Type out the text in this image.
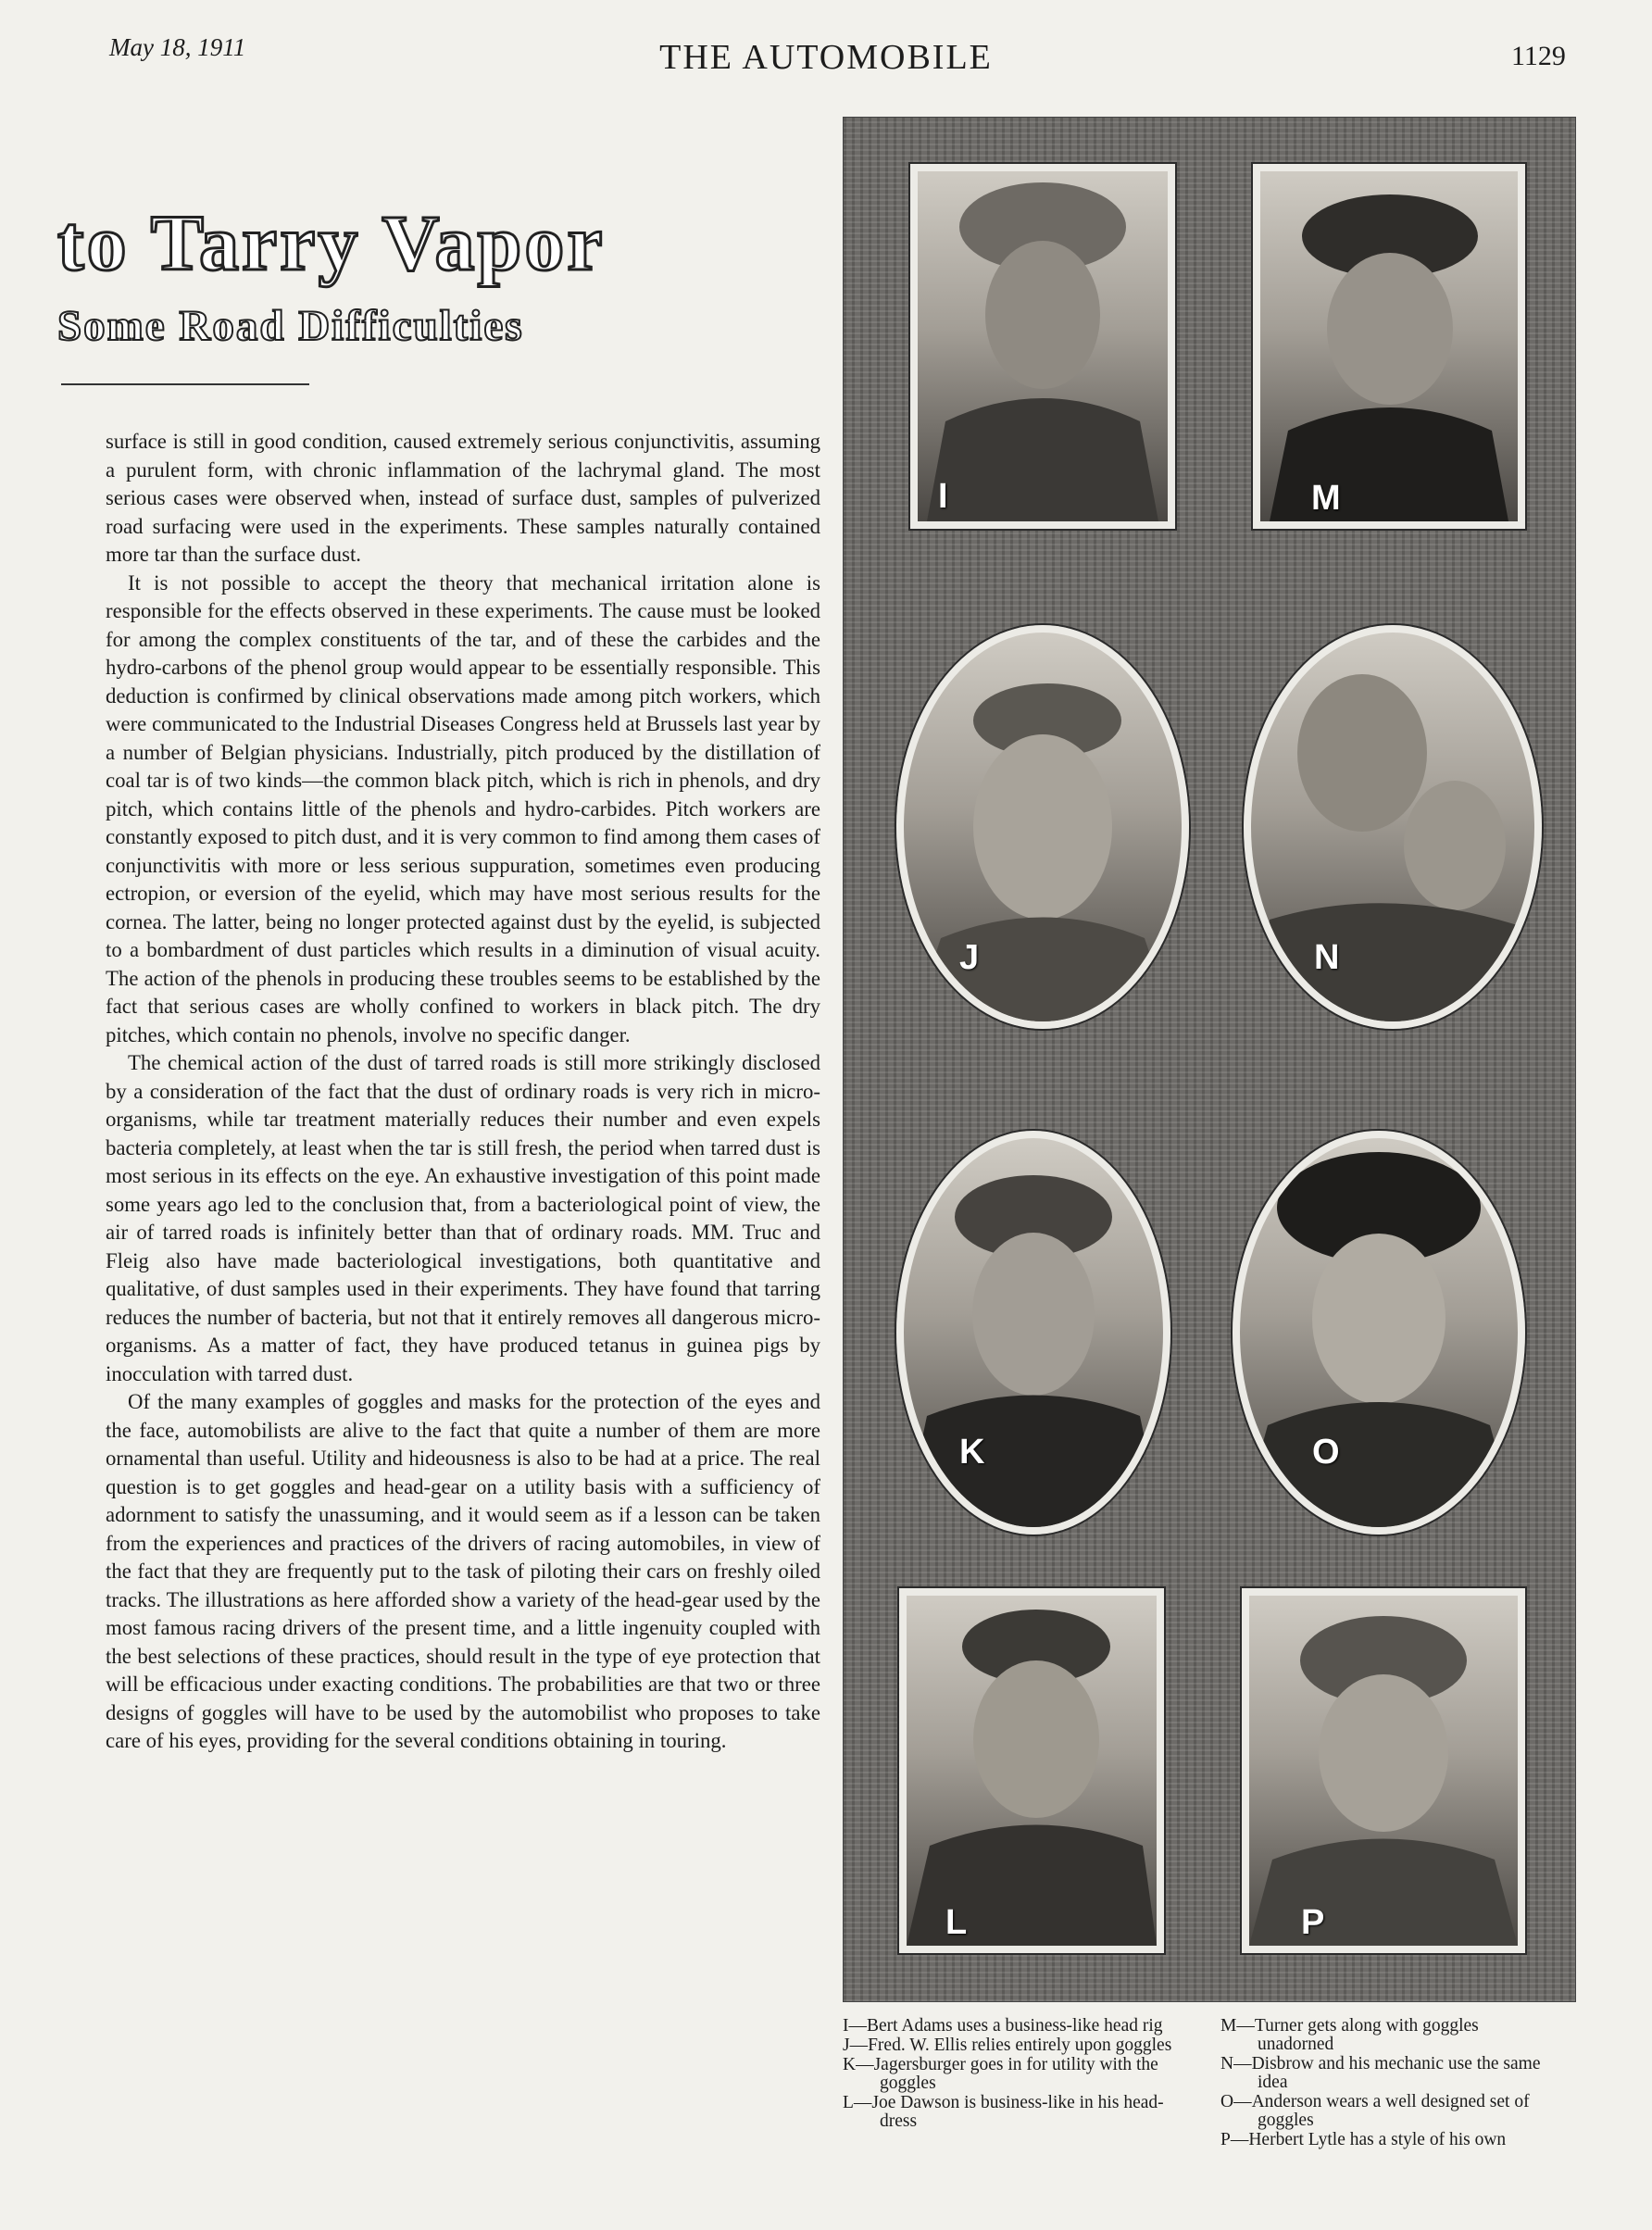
May 18, 1911	THE AUTOMOBILE	1129
to Tarry Vapor
Some Road Difficulties

surface is still in good condition, caused extremely serious conjunctivitis, assuming a purulent form, with chronic inflammation of the lachrymal gland. The most serious cases were observed when, instead of surface dust, samples of pulverized road surfacing were used in the experiments. These samples naturally contained more tar than the surface dust.

It is not possible to accept the theory that mechanical irritation alone is responsible for the effects observed in these experiments. The cause must be looked for among the complex constituents of the tar, and of these the carbides and the hydro-carbons of the phenol group would appear to be essentially responsible. This deduction is confirmed by clinical observations made among pitch workers, which were communicated to the Industrial Diseases Congress held at Brussels last year by a number of Belgian physicians. Industrially, pitch produced by the distillation of coal tar is of two kinds—the common black pitch, which is rich in phenols, and dry pitch, which contains little of the phenols and hydro-carbides. Pitch workers are constantly exposed to pitch dust, and it is very common to find among them cases of conjunctivitis with more or less serious suppuration, sometimes even producing ectropion, or eversion of the eyelid, which may have most serious results for the cornea. The latter, being no longer protected against dust by the eyelid, is subjected to a bombardment of dust particles which results in a diminution of visual acuity. The action of the phenols in producing these troubles seems to be established by the fact that serious cases are wholly confined to workers in black pitch. The dry pitches, which contain no phenols, involve no specific danger.

The chemical action of the dust of tarred roads is still more strikingly disclosed by a consideration of the fact that the dust of ordinary roads is very rich in micro-organisms, while tar treatment materially reduces their number and even expels bacteria completely, at least when the tar is still fresh, the period when tarred dust is most serious in its effects on the eye. An exhaustive investigation of this point made some years ago led to the conclusion that, from a bacteriological point of view, the air of tarred roads is infinitely better than that of ordinary roads. MM. Truc and Fleig also have made bacteriological investigations, both quantitative and qualitative, of dust samples used in their experiments. They have found that tarring reduces the number of bacteria, but not that it entirely removes all dangerous micro-organisms. As a matter of fact, they have produced tetanus in guinea pigs by inocculation with tarred dust.

Of the many examples of goggles and masks for the protection of the eyes and the face, automobilists are alive to the fact that quite a number of them are more ornamental than useful. Utility and hideousness is also to be had at a price. The real question is to get goggles and head-gear on a utility basis with a sufficiency of adornment to satisfy the unassuming, and it would seem as if a lesson can be taken from the experiences and practices of the drivers of racing automobiles, in view of the fact that they are frequently put to the task of piloting their cars on freshly oiled tracks. The illustrations as here afforded show a variety of the head-gear used by the most famous racing drivers of the present time, and a little ingenuity coupled with the best selections of these practices, should result in the type of eye protection that will be efficacious under exacting conditions. The probabilities are that two or three designs of goggles will have to be used by the automobilist who proposes to take care of his eyes, providing for the several conditions obtaining in touring.

I	M
J	N
K	O
L	P
I—Bert Adams uses a business-like head rig
J—Fred. W. Ellis relies entirely upon goggles
K—Jagersburger goes in for utility with the goggles
L—Joe Dawson is business-like in his head-dress
M—Turner gets along with goggles unadorned
N—Disbrow and his mechanic use the same idea
O—Anderson wears a well designed set of goggles
P—Herbert Lytle has a style of his own
